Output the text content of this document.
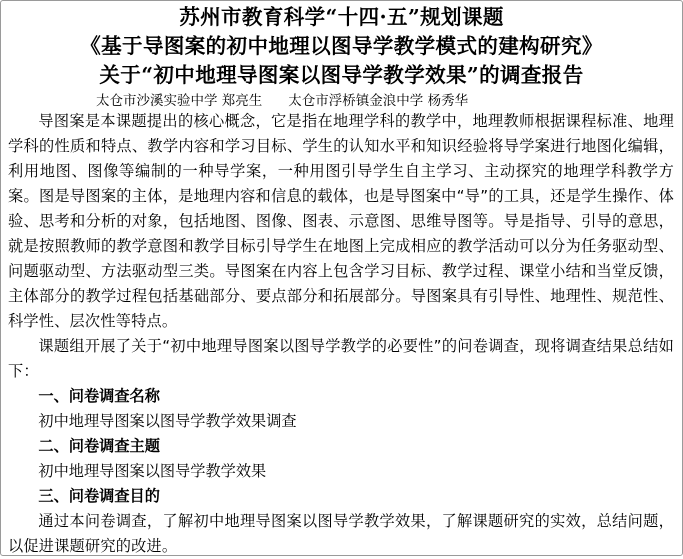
苏州市教育科学“十四·五”规划课题
《基于导图案的初中地理以图导学教学模式的建构研究》
关于“初中地理导图案以图导学教学效果”的调查报告
太仓市沙溪实验中学 郑亮生 太仓市浮桥镇金浪中学 杨秀华

导图案是本课题提出的核心概念，它是指在地理学科的教学中，地理教师根据课程标准、地理学科的性质和特点、教学内容和学习目标、学生的认知水平和知识经验将导学案进行地图化编辑，利用地图、图像等编制的一种导学案，一种用图引导学生自主学习、主动探究的地理学科教学方案。图是导图案的主体，是地理内容和信息的载体，也是导图案中“导”的工具，还是学生操作、体验、思考和分析的对象，包括地图、图像、图表、示意图、思维导图等。导是指导、引导的意思，就是按照教师的教学意图和教学目标引导学生在地图上完成相应的教学活动可以分为任务驱动型、问题驱动型、方法驱动型三类。导图案在内容上包含学习目标、教学过程、课堂小结和当堂反馈，主体部分的教学过程包括基础部分、要点部分和拓展部分。导图案具有引导性、地理性、规范性、科学性、层次性等特点。

课题组开展了关于“初中地理导图案以图导学教学的必要性”的问卷调查，现将调查结果总结如下：

一、问卷调查名称

初中地理导图案以图导学教学效果调查

二、问卷调查主题

初中地理导图案以图导学教学效果

三、问卷调查目的

通过本问卷调查，了解初中地理导图案以图导学教学效果，了解课题研究的实效，总结问题，以促进课题研究的改进。
